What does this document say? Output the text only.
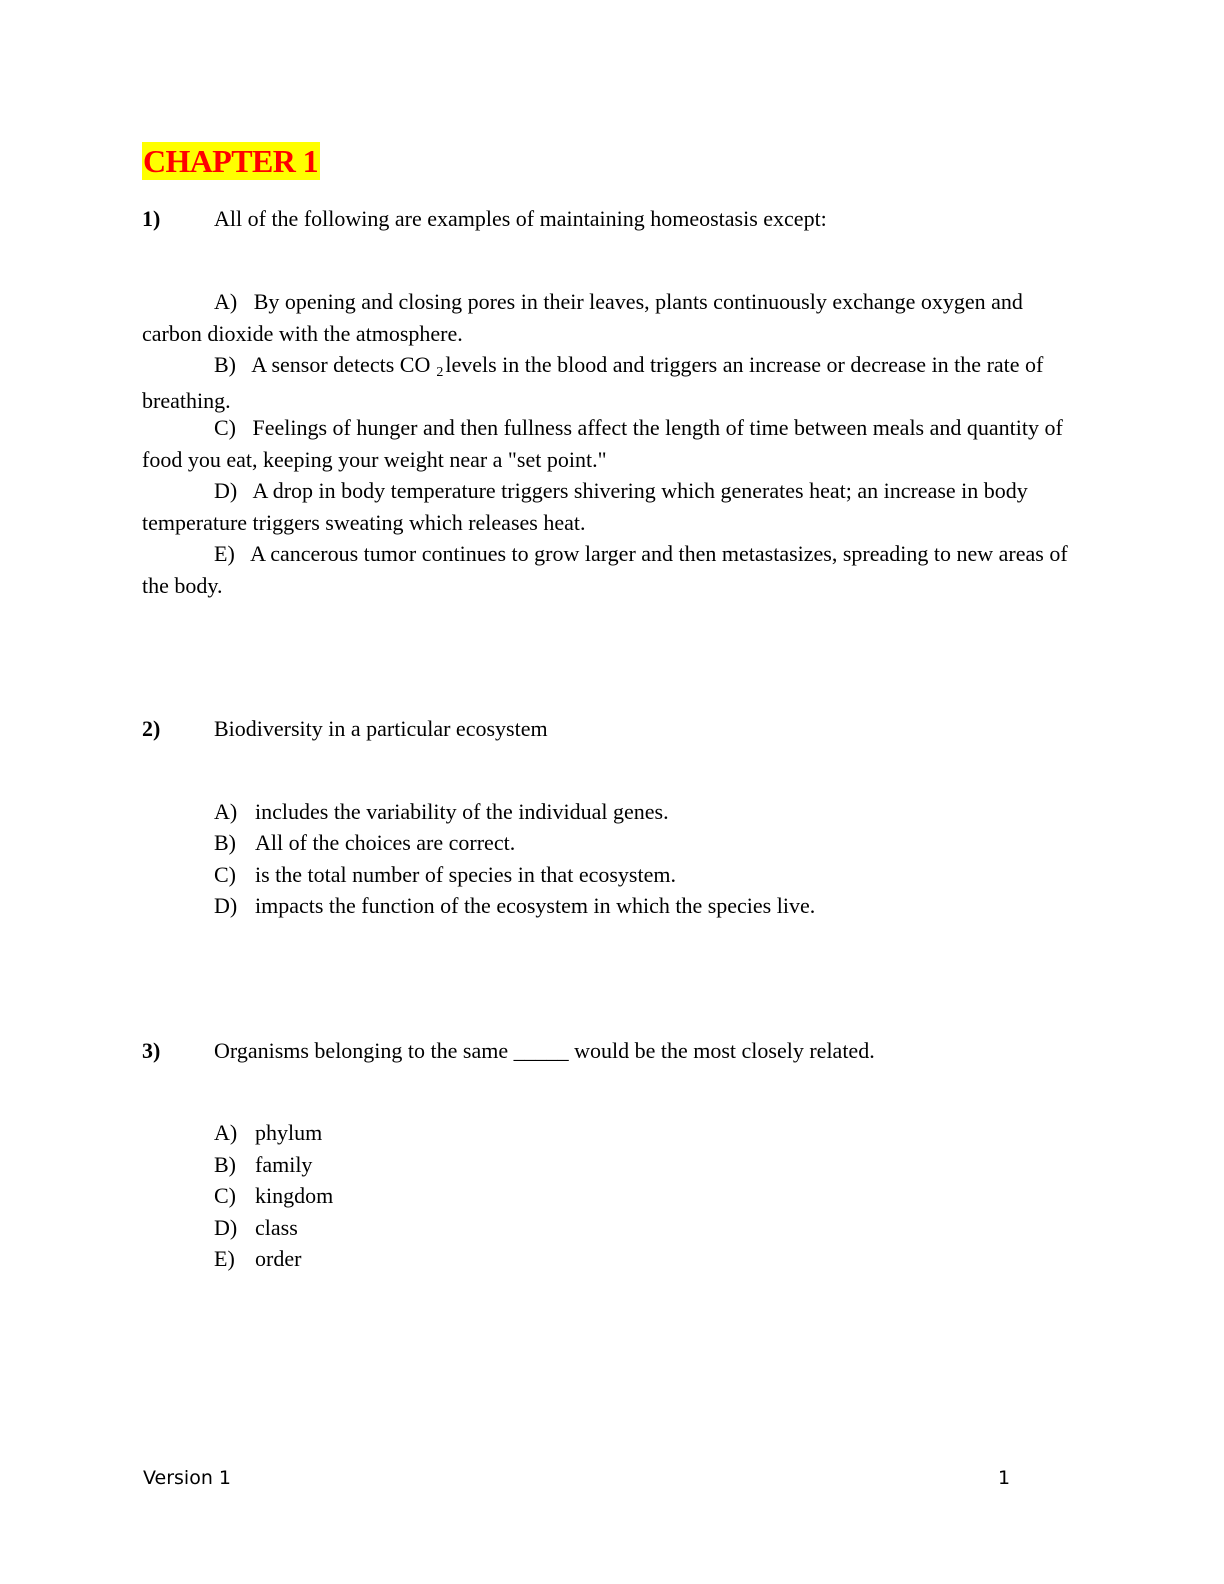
CHAPTER 1
1) All of the following are examples of maintaining homeostasis except:
A) By opening and closing pores in their leaves, plants continuously exchange oxygen and carbon dioxide with the atmosphere.
B) A sensor detects CO 2levels in the blood and triggers an increase or decrease in the rate of breathing.
C) Feelings of hunger and then fullness affect the length of time between meals and quantity of food you eat, keeping your weight near a "set point."
D) A drop in body temperature triggers shivering which generates heat; an increase in body temperature triggers sweating which releases heat.
E) A cancerous tumor continues to grow larger and then metastasizes, spreading to new areas of the body.
2) Biodiversity in a particular ecosystem
A) includes the variability of the individual genes.
B) All of the choices are correct.
C) is the total number of species in that ecosystem.
D) impacts the function of the ecosystem in which the species live.
3) Organisms belonging to the same _____ would be the most closely related.
A) phylum
B) family
C) kingdom
D) class
E) order
Version 1	1
